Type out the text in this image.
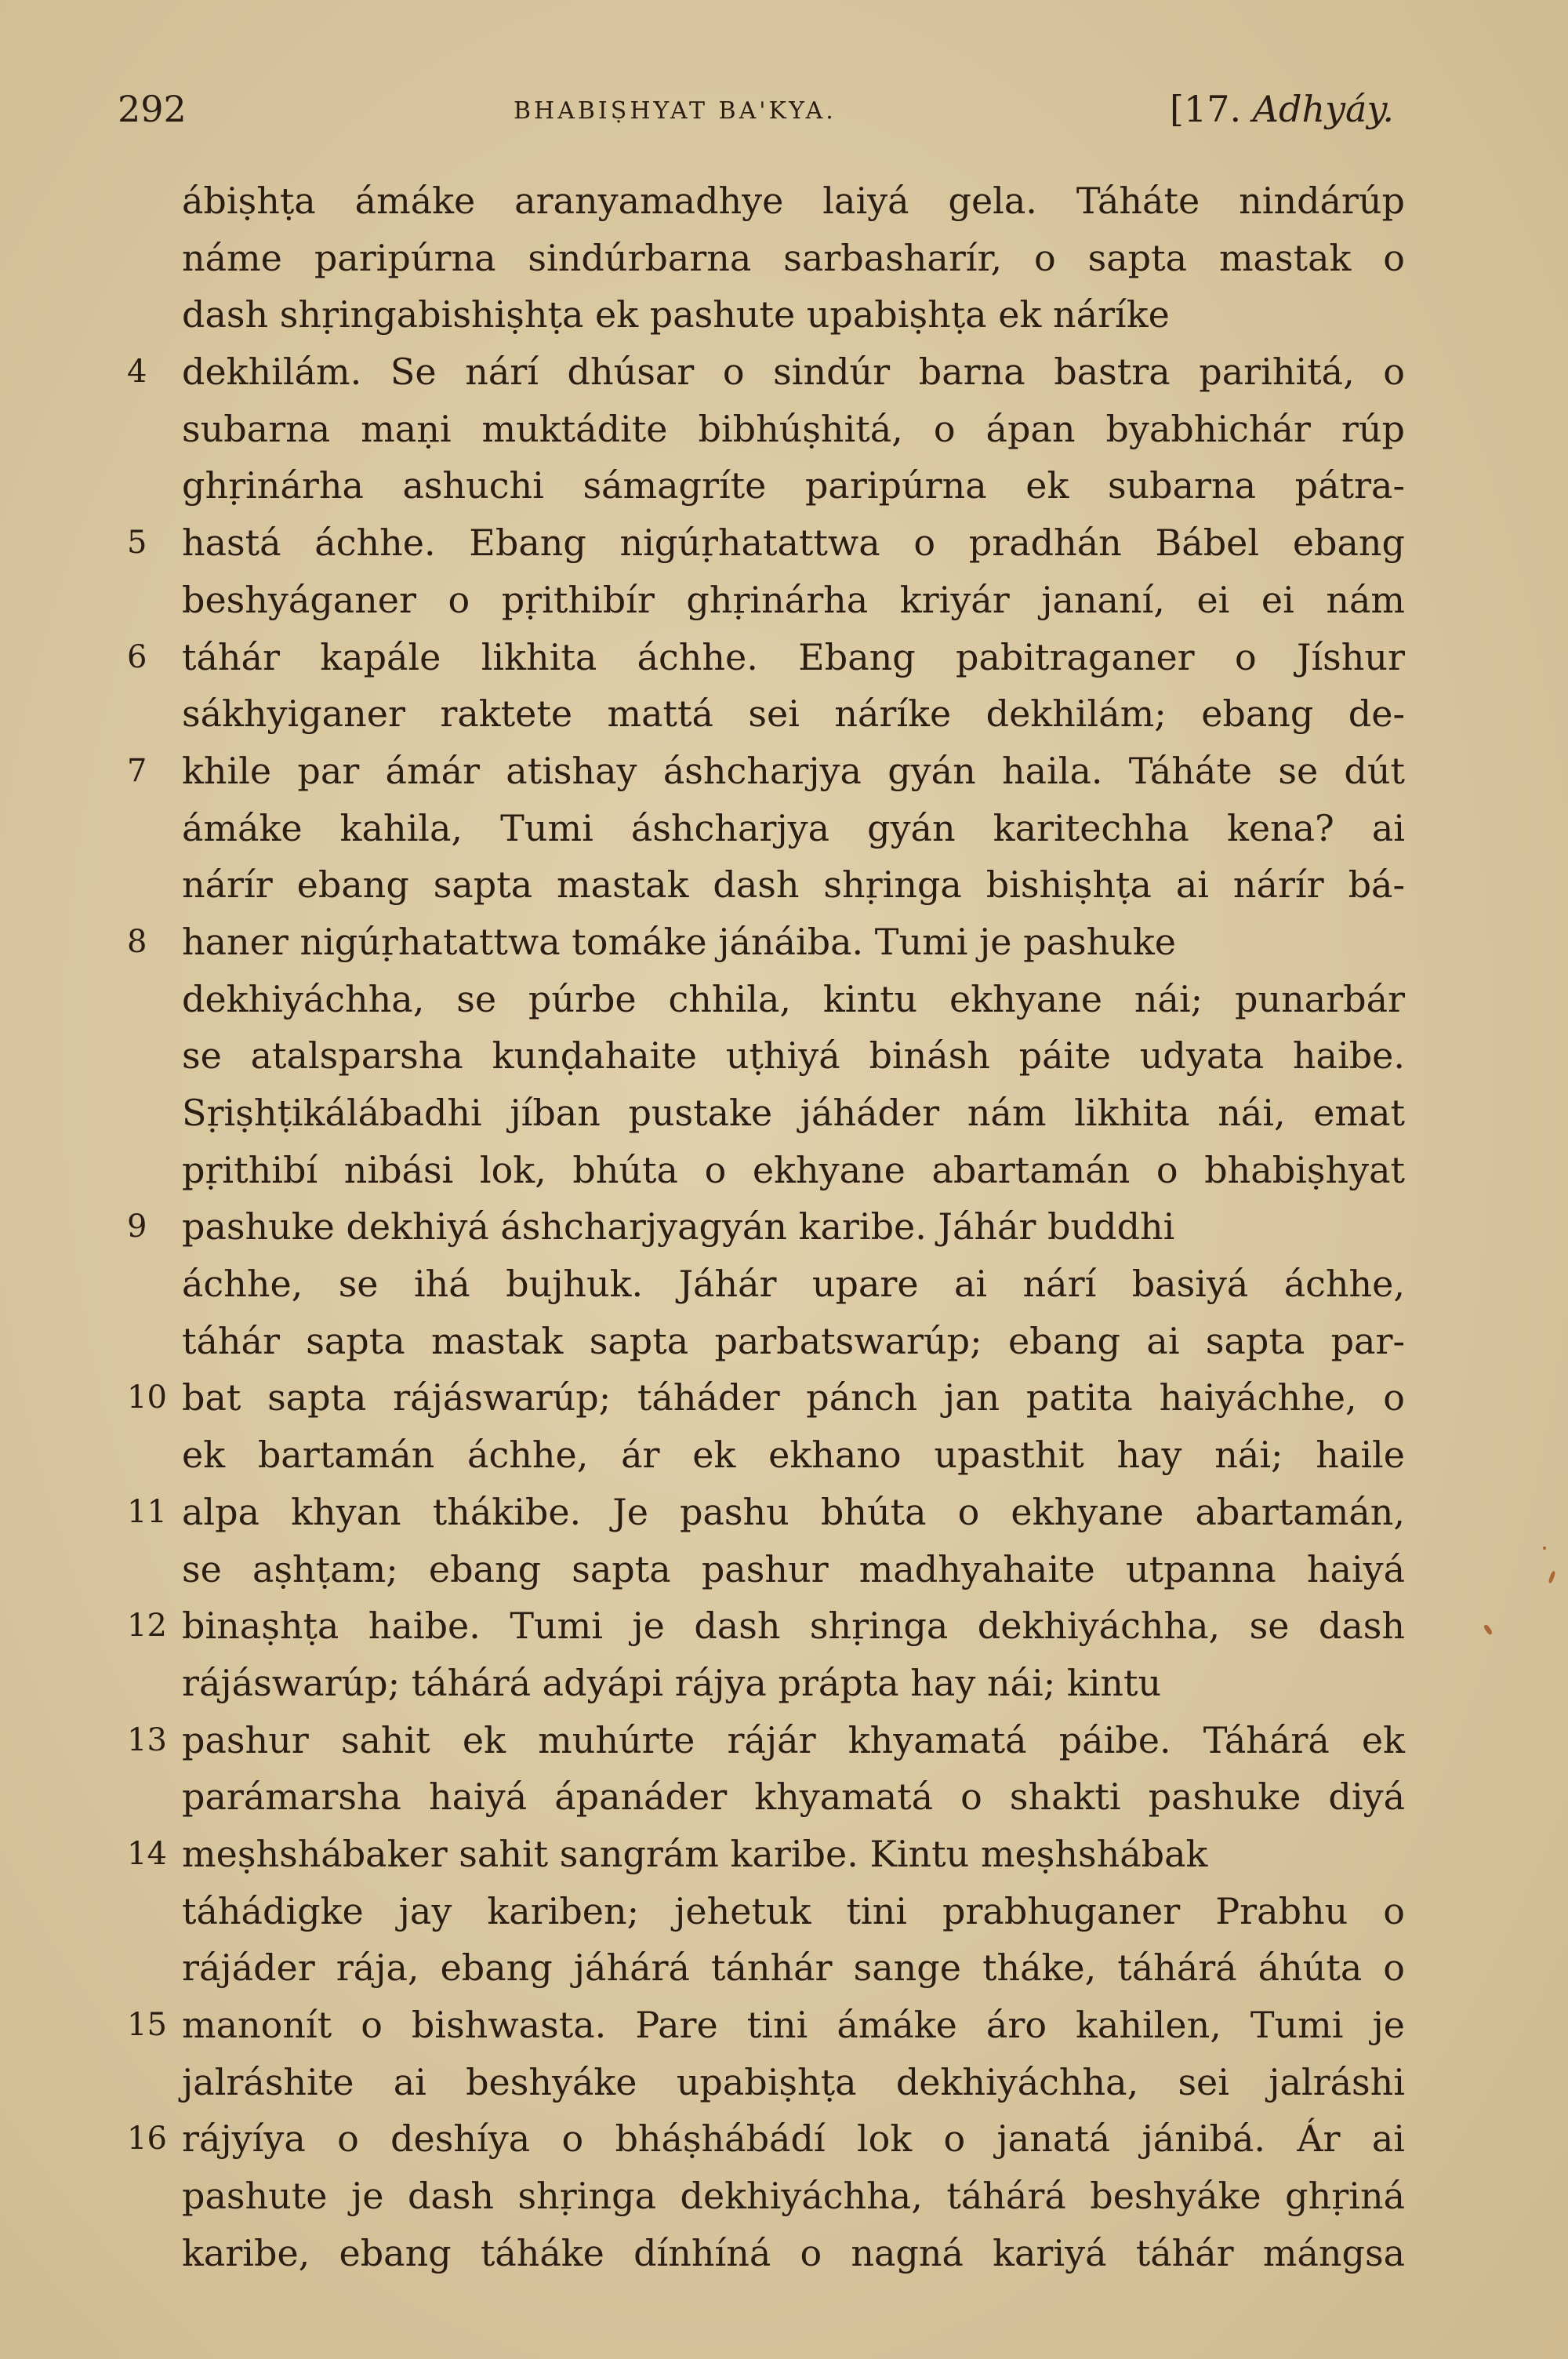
292	BHABIṢHYAT BA'KYA.	[17. Adhyáy.
ábiṣhṭa ámáke aranyamadhye laiyá gela. Táháte nindárúp
náme paripúrna sindúrbarna sarbasharír, o sapta mastak o
dash shṛingabishiṣhṭa ek pashute upabiṣhṭa ek náríke
4 dekhilám. Se nárí dhúsar o sindúr barna bastra parihitá, o
subarna maṇi muktádite bibhúṣhitá, o ápan byabhichár rúp
ghṛinárha ashuchi sámagríte paripúrna ek subarna pátra-
5 hastá áchhe. Ebang nigúṛhatattwa o pradhán Bábel ebang
beshyáganer o pṛithibír ghṛinárha kriyár jananí, ei ei nám
6 táhár kapále likhita áchhe. Ebang pabitraganer o Jíshur
sákhyiganer raktete mattá sei náríke dekhilám; ebang de-
7 khile par ámár atishay áshcharjya gyán haila. Táháte se dút
ámáke kahila, Tumi áshcharjya gyán karitechha kena? ai
nárír ebang sapta mastak dash shṛinga bishiṣhṭa ai nárír bá-
8 haner nigúṛhatattwa tomáke jánáiba. Tumi je pashuke
dekhiyáchha, se púrbe chhila, kintu ekhyane nái; punarbár
se atalsparsha kunḍahaite uṭhiyá binásh páite udyata haibe.
Sṛiṣhṭikálábadhi jíban pustake jáháder nám likhita nái, emat
pṛithibí nibási lok, bhúta o ekhyane abartamán o bhabiṣhyat
9 pashuke dekhiyá áshcharjyagyán karibe. Jáhár buddhi
áchhe, se ihá bujhuk. Jáhár upare ai nárí basiyá áchhe,
táhár sapta mastak sapta parbatswarúp; ebang ai sapta par-
10 bat sapta rájáswarúp; táháder pánch jan patita haiyáchhe, o
ek bartamán áchhe, ár ek ekhano upasthit hay nái; haile
11 alpa khyan thákibe. Je pashu bhúta o ekhyane abartamán,
se aṣhṭam; ebang sapta pashur madhyahaite utpanna haiyá
12 binaṣhṭa haibe. Tumi je dash shṛinga dekhiyáchha, se dash
rájáswarúp; táhárá adyápi rájya prápta hay nái; kintu
13 pashur sahit ek muhúrte rájár khyamatá páibe. Táhárá ek
parámarsha haiyá ápanáder khyamatá o shakti pashuke diyá
14 meṣhshábaker sahit sangrám karibe. Kintu meṣhshábak
táhádigke jay kariben; jehetuk tini prabhuganer Prabhu o
rájáder rája, ebang jáhárá tánhár sange tháke, táhárá áhúta o
15 manonít o bishwasta. Pare tini ámáke áro kahilen, Tumi je
jalráshite ai beshyáke upabiṣhṭa dekhiyáchha, sei jalráshi
16 rájyíya o deshíya o bháṣhábádí lok o janatá jánibá. Ár ai
pashute je dash shṛinga dekhiyáchha, táhárá beshyáke ghṛiná
karibe, ebang táháke dínhíná o nagná kariyá táhár mángsa
